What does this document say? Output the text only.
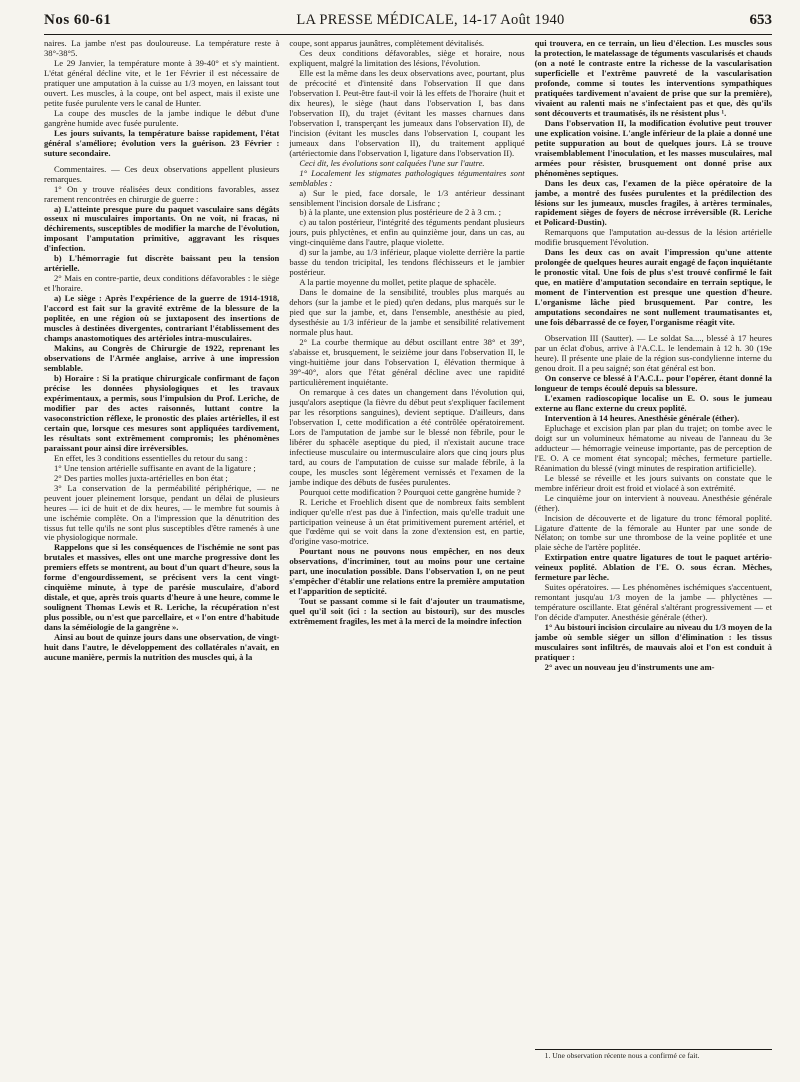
Nos 60-61	LA PRESSE MÉDICALE, 14-17 Août 1940	653

naires. La jambe n'est pas douloureuse. La température reste à 38°-38°5.

Le 29 Janvier, la température monte à 39-40° et s'y maintient. L'état général décline vite, et le 1er Février il est nécessaire de pratiquer une amputation à la cuisse au 1/3 moyen, en laissant tout ouvert. Les muscles, à la coupe, ont bel aspect, mais il existe une petite fusée purulente vers le canal de Hunter.

La coupe des muscles de la jambe indique le début d'une gangrène humide avec fusée purulente.

Les jours suivants, la température baisse rapidement, l'état général s'améliore; évolution vers la guérison. 23 Février : suture secondaire.

Commentaires. — Ces deux observations appellent plusieurs remarques.

1° On y trouve réalisées deux conditions favorables, assez rarement rencontrées en chirurgie de guerre :

a) L'atteinte presque pure du paquet vasculaire sans dégâts osseux ni musculaires importants. On ne voit, ni fracas, ni déchirements, susceptibles de modifier la marche de l'évolution, imposant l'amputation primitive, aggravant les risques d'infection.

b) L'hémorragie fut discrète baissant peu la tension artérielle.

2° Mais en contre-partie, deux conditions défavorables : le siège et l'horaire.

a) Le siège : Après l'expérience de la guerre de 1914-1918, l'accord est fait sur la gravité extrême de la blessure de la poplitée, en une région où se juxtaposent des insertions de muscles à destinées divergentes, contrariant l'établissement des champs anastomotiques des artérioles intra-musculaires.

Makins, au Congrès de Chirurgie de 1922, reprenant les observations de l'Armée anglaise, arrive à une impression semblable.

b) Horaire : Si la pratique chirurgicale confirmant de façon précise les données physiologiques et les travaux expérimentaux, a permis, sous l'impulsion du Prof. Leriche, de modifier par des actes raisonnés, luttant contre la vasoconstriction réflexe, le pronostic des plaies artérielles, il est certain que, lorsque ces mesures sont appliquées tardivement, les résultats sont extrêmement compromis; les phénomènes paraissant pour ainsi dire irréversibles.

En effet, les 3 conditions essentielles du retour du sang :

1° Une tension artérielle suffisante en avant de la ligature ;

2° Des parties molles juxta-artérielles en bon état ;

3° La conservation de la perméabilité périphérique, — ne peuvent jouer pleinement lorsque, pendant un délai de plusieurs heures — ici de huit et de dix heures, — le membre fut soumis à une ischémie complète. On a l'impression que la dénutrition des tissus fut telle qu'ils ne sont plus susceptibles d'être ramenés à une vie physiologique normale.

Rappelons que si les conséquences de l'ischémie ne sont pas brutales et massives, elles ont une marche progressive dont les premiers effets se montrent, au bout d'un quart d'heure, sous la forme d'engourdissement, se précisent vers la cent vingt-cinquième minute, à type de parésie musculaire, d'abord distale, et que, après trois quarts d'heure à une heure, comme le soulignent Thomas Lewis et R. Leriche, la récupération n'est plus possible, ou n'est que parcellaire, et « l'on entre d'habitude dans la séméiologie de la gangrène ».

Ainsi au bout de quinze jours dans une observation, de vingt-huit dans l'autre, le développement des collatérales n'avait, en aucune manière, permis la nutrition des muscles qui, à la

coupe, sont apparus jaunâtres, complètement dévitalisés.

Ces deux conditions défavorables, siège et horaire, nous expliquent, malgré la limitation des lésions, l'évolution.

Elle est la même dans les deux observations avec, pourtant, plus de précocité et d'intensité dans l'observation II que dans l'observation I. Peut-être faut-il voir là les effets de l'horaire (huit et dix heures), le siège (haut dans l'observation I, bas dans l'observation II), du trajet (évitant les masses charnues dans l'observation I, transperçant les jumeaux dans l'observation II), de l'incision (évitant les muscles dans l'observation I, coupant les jumeaux dans l'observation II), du traitement appliqué (artériectomie dans l'observation I, ligature dans l'observation II).

Ceci dit, les évolutions sont calquées l'une sur l'autre.

1° Localement les stigmates pathologiques tégumentaires sont semblables :

a) Sur le pied, face dorsale, le 1/3 antérieur dessinant sensiblement l'incision dorsale de Lisfranc ;

b) à la plante, une extension plus postérieure de 2 à 3 cm. ;

c) au talon postérieur, l'intégrité des téguments pendant plusieurs jours, puis phlyctènes, et enfin au quinzième jour, dans un cas, au vingt-cinquième dans l'autre, plaque violette.

d) sur la jambe, au 1/3 inférieur, plaque violette derrière la partie basse du tendon tricipital, les tendons fléchisseurs et le jambier postérieur.

A la partie moyenne du mollet, petite plaque de sphacèle.

Dans le domaine de la sensibilité, troubles plus marqués au dehors (sur la jambe et le pied) qu'en dedans, plus marqués sur le pied que sur la jambe, et, dans l'ensemble, anesthésie au pied, dysesthésie au 1/3 inférieur de la jambe et sensibilité relativement normale plus haut.

2° La courbe thermique au début oscillant entre 38° et 39°, s'abaisse et, brusquement, le seizième jour dans l'observation II, le vingt-huitième jour dans l'observation I, élévation thermique à 39°-40°, alors que l'état général décline avec une rapidité particulièrement inquiétante.

On remarque à ces dates un changement dans l'évolution qui, jusqu'alors aseptique (la fièvre du début peut s'expliquer facilement par les résorptions sanguines), devient septique. D'ailleurs, dans l'observation I, cette modification a été contrôlée opératoirement. Lors de l'amputation de jambe sur le blessé non fébrile, pour le libérer du sphacèle aseptique du pied, il n'existait aucune trace infectieuse musculaire ou intermusculaire alors que cinq jours plus tard, au cours de l'amputation de cuisse sur malade fébrile, à la coupe, les muscles sont légèrement vernissés et l'examen de la jambe indique des débuts de fusées purulentes.

Pourquoi cette modification ? Pourquoi cette gangrène humide ?

R. Leriche et Froehlich disent que de nombreux faits semblent indiquer qu'elle n'est pas due à l'infection, mais qu'elle traduit une participation veineuse à un état primitivement purement artériel, et que l'œdème qui se voit dans la zone d'extension est, en partie, d'origine vaso-motrice.

Pourtant nous ne pouvons nous empêcher, en nos deux observations, d'incriminer, tout au moins pour une certaine part, une inoculation possible. Dans l'observation I, on ne peut s'empêcher d'établir une relations entre la première amputation et l'apparition de septicité.

Tout se passant comme si le fait d'ajouter un traumatisme, quel qu'il soit (ici : la section au bistouri), sur des muscles extrêmement fragiles, les met à la merci de la moindre infection

qui trouvera, en ce terrain, un lieu d'élection. Les muscles sous la protection, le matelassage de téguments vascularisés et chauds (on a noté le contraste entre la richesse de la vascularisation superficielle et l'extrême pauvreté de la vascularisation profonde, comme si toutes les interventions sympathiques pratiquées tardivement n'avaient de prise que sur la première), vivaient au ralenti mais ne s'infectaient pas et que, dès qu'ils sont découverts et traumatisés, ils ne résistent plus ¹.

Dans l'observation II, la modification évolutive peut trouver une explication voisine. L'angle inférieur de la plaie a donné une petite suppuration au bout de quelques jours. Là se trouve vraisemblablement l'inoculation, et les masses musculaires, mal armées pour résister, brusquement ont donné prise aux phénomènes septiques.

Dans les deux cas, l'examen de la pièce opératoire de la jambe, a montré des fusées purulentes et la prédilection des lésions sur les jumeaux, muscles fragiles, à artères terminales, rapidement sièges de foyers de nécrose irréversible (R. Leriche et Policard-Dustin).

Remarquons que l'amputation au-dessus de la lésion artérielle modifie brusquement l'évolution.

Dans les deux cas on avait l'impression qu'une attente prolongée de quelques heures aurait engagé de façon inquiétante le pronostic vital. Une fois de plus s'est trouvé confirmé le fait que, en matière d'amputation secondaire en terrain septique, le moment de l'intervention est presque une question d'heure. L'organisme lâche pied brusquement. Par contre, les amputations secondaires ne sont nullement traumatisantes et, une fois débarrassé de ce foyer, l'organisme réagit vite.

Observation III (Sautter). — Le soldat Sa...., blessé à 17 heures par un éclat d'obus, arrive à l'A.C.L. le lendemain à 12 h. 30 (19e heure). Il présente une plaie de la région sus-condylienne interne du genou droit. Il a peu saigné; son état général est bon.

On conserve ce blessé à l'A.C.L. pour l'opérer, étant donné la longueur de temps écoulé depuis sa blessure.

L'examen radioscopique localise un E. O. sous le jumeau externe au flanc externe du creux poplité.

Intervention à 14 heures. Anesthésie générale (éther).

Epluchage et excision plan par plan du trajet; on tombe avec le doigt sur un volumineux hématome au niveau de l'anneau du 3e adducteur — hémorragie veineuse importante, pas de perception de l'E. O. A ce moment état syncopal; mèches, fermeture partielle. Réanimation du blessé (vingt minutes de respiration artificielle).

Le blessé se réveille et les jours suivants on constate que le membre inférieur droit est froid et violacé à son extrémité.

Le cinquième jour on intervient à nouveau. Anesthésie générale (éther).

Incision de découverte et de ligature du tronc fémoral poplité. Ligature d'attente de la fémorale au Hunter par une sonde de Nélaton; on tombe sur une thrombose de la veine poplitée et une plaie sèche de l'artère poplitée.

Extirpation entre quatre ligatures de tout le paquet artério-veineux poplité. Ablation de l'E. O. sous écran. Mèches, fermeture par lèche.

Suites opératoires. — Les phénomènes ischémiques s'accentuent, remontant jusqu'au 1/3 moyen de la jambe — phlyctènes — température oscillante. Etat général s'altérant progressivement — et l'on décide d'amputer. Anesthésie générale (éther).

1° Au bistouri incision circulaire au niveau du 1/3 moyen de la jambe où semble siéger un sillon d'élimination : les tissus musculaires sont infiltrés, de mauvais aloi et l'on est conduit à pratiquer :

2° avec un nouveau jeu d'instruments une am-

1. Une observation récente nous a confirmé ce fait.
